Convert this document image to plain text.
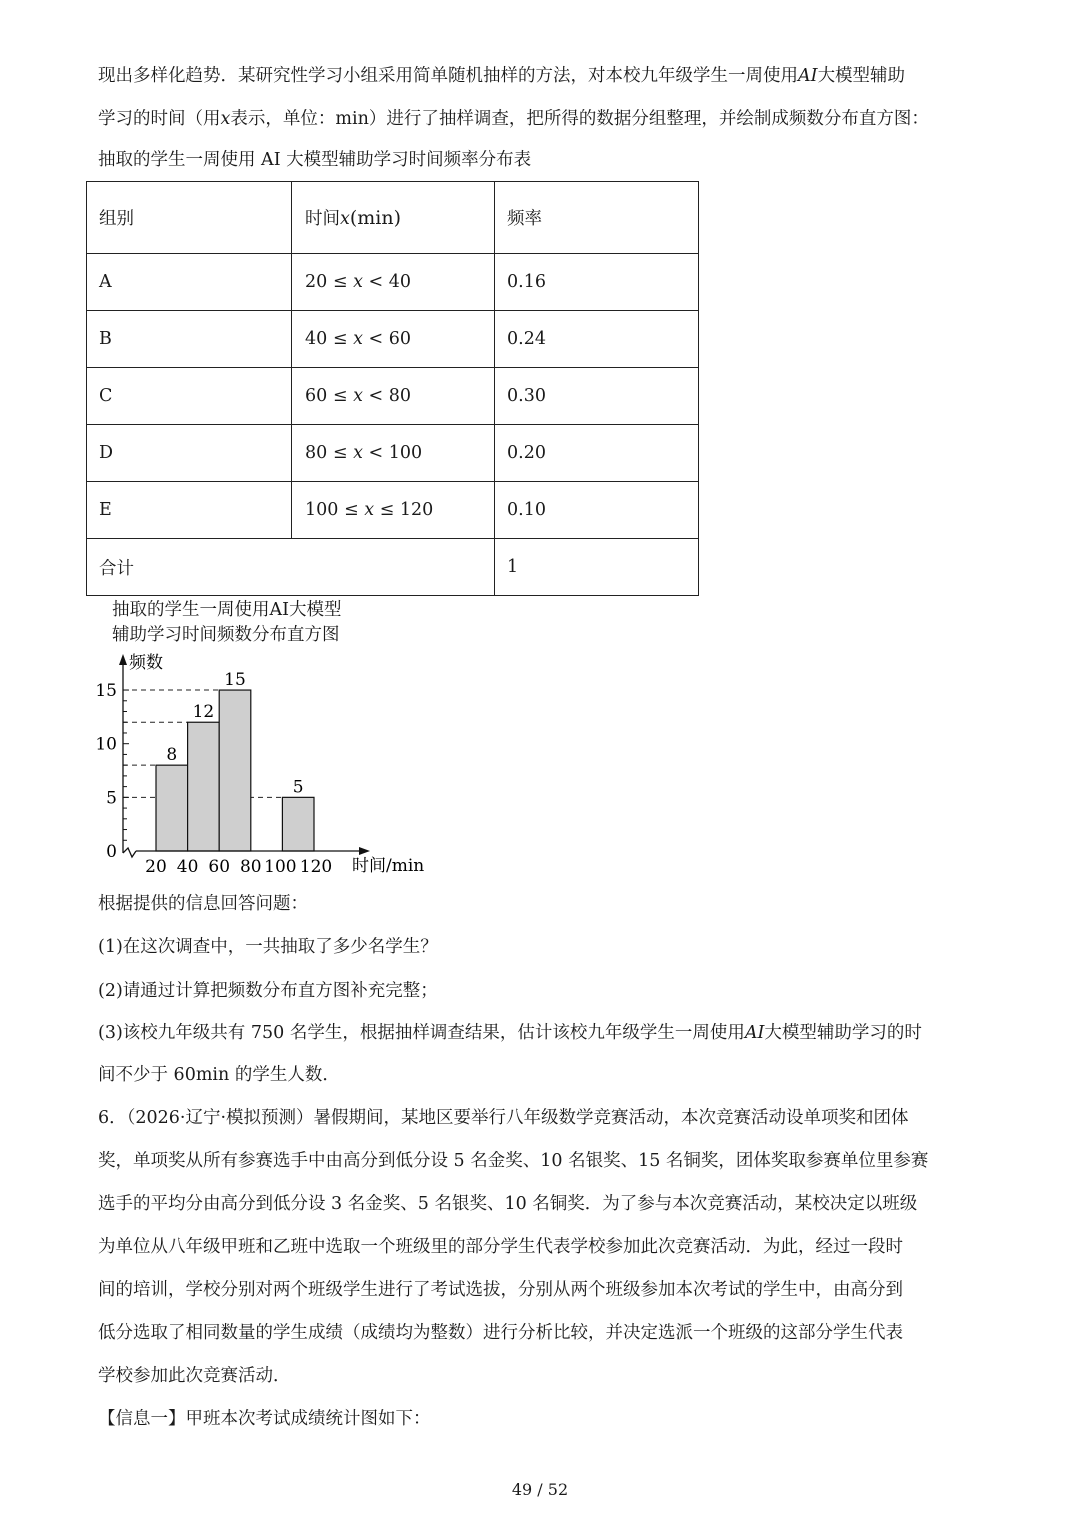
现出多样化趋势．某研究性学习小组采用简单随机抽样的方法，对本校九年级学生一周使用AI大模型辅助
学习的时间（用x表示，单位：min）进行了抽样调查，把所得的数据分组整理，并绘制成频数分布直方图：
抽取的学生一周使用 AI 大模型辅助学习时间频率分布表
组别	时间x(min)	频率
A	20 ≤ x < 40	0.16
B	40 ≤ x < 60	0.24
C	60 ≤ x < 80	0.30
D	80 ≤ x < 100	0.20
E	100 ≤ x ≤ 120	0.10
合计		1
抽取的学生一周使用AI大模型
辅助学习时间频数分布直方图
频数
时间/min
0
5
10
15
20 40 60 80 100 120
8
12
15
5
根据提供的信息回答问题：
(1)在这次调查中，一共抽取了多少名学生？
(2)请通过计算把频数分布直方图补充完整；
(3)该校九年级共有 750 名学生，根据抽样调查结果，估计该校九年级学生一周使用AI大模型辅助学习的时
间不少于 60min 的学生人数．
6．（2026·辽宁·模拟预测）暑假期间，某地区要举行八年级数学竞赛活动，本次竞赛活动设单项奖和团体
奖，单项奖从所有参赛选手中由高分到低分设 5 名金奖、10 名银奖、15 名铜奖，团体奖取参赛单位里参赛
选手的平均分由高分到低分设 3 名金奖、5 名银奖、10 名铜奖．为了参与本次竞赛活动，某校决定以班级
为单位从八年级甲班和乙班中选取一个班级里的部分学生代表学校参加此次竞赛活动．为此，经过一段时
间的培训，学校分别对两个班级学生进行了考试选拔，分别从两个班级参加本次考试的学生中，由高分到
低分选取了相同数量的学生成绩（成绩均为整数）进行分析比较，并决定选派一个班级的这部分学生代表
学校参加此次竞赛活动．
【信息一】甲班本次考试成绩统计图如下：
49 / 52
